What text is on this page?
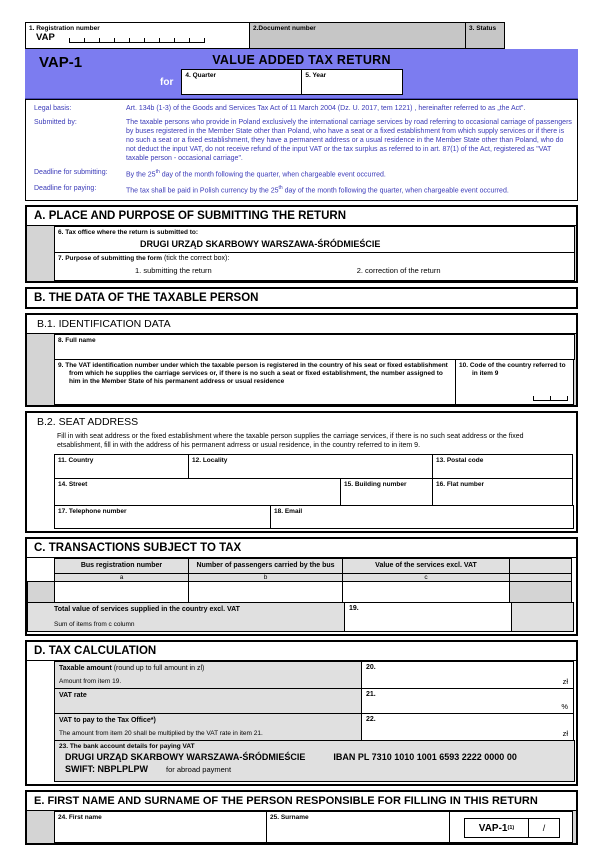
1. Registration number
VAP
2.Document number	3. Status
VAP-1	VALUE ADDED TAX RETURN
for
4. Quarter	5. Year
Legal basis:	Art. 134b (1-3) of the Goods and Services Tax Act of 11 March 2004 (Dz. U. 2017, tem 1221) , hereinafter referred to as „the Act”.
Submitted by:	The taxable persons who provide in Poland exclusively the international carriage services by road referring to occasional carriage of passengers by buses registered in the Member State other than Poland, who have a seat or a fixed establishment from which supply services or if there is no such a seat or a fixed establishment, they have a permanent address or a usual residence in the Member State other than Poland, who do not deduct the input VAT, do not receive refund of the input VAT or the tax surplus as referred to in art. 87(1) of the Act, registered as "VAT taxable person - occasional carriage".
Deadline for submitting:	By the 25th day of the month following the quarter, when chargeable event occurred.
Deadline for paying:	The tax shall be paid in Polish currency by the 25th day of the month following the quarter, when chargeable event occurred.
A. PLACE AND PURPOSE OF SUBMITTING THE RETURN
6. Tax office where the return is submitted to:
DRUGI URZĄD SKARBOWY WARSZAWA-ŚRÓDMIEŚCIE
7. Purpose of submitting the form (tick the correct box):
1. submitting the return	2. correction of the return
B. THE DATA OF THE TAXABLE PERSON
B.1. IDENTIFICATION DATA
8. Full name
9. The VAT identification number under which the taxable person is registered in the country of his seat or fixed establishment from which he supplies the carriage services or, if there is no such a seat or fixed establishment, the number assigned to him in the Member State of his permanent address or usual residence
10. Code of the country referred to in item 9
B.2. SEAT ADDRESS
Fill in with seat address or the fixed establishment where the taxable person supplies the carriage services, if there is no such seat address or the fixed etsablishment, fill in with the address of his permanent adrress or usual residence, in the country referred to in item 9.
11. Country	12. Locality	13. Postal code
14. Street	15. Building number	16. Flat number
17. Telephone number	18. Email
C. TRANSACTIONS SUBJECT TO TAX
Bus registration number	Number of passengers carried by the bus	Value of the services excl. VAT
a	b	c
Total value of services supplied in the country excl. VAT
Sum of items from c column
19.
D. TAX CALCULATION
Taxable amount (round up to full amount in zl)
Amount from item 19.
20.
zł
VAT rate	21.
%
VAT to pay to the Tax Office*)
The amount from item 20 shall be multiplied by the VAT rate in item 21.
22.
zł
23. The bank account details for paying VAT
DRUGI URZĄD SKARBOWY WARSZAWA-ŚRÓDMIEŚCIE	IBAN PL 7310 1010 1001 6593 2222 0000 00
SWIFT: NBPLPLPW for abroad payment
E. FIRST NAME AND SURNAME OF THE PERSON RESPONSIBLE FOR FILLING IN THIS RETURN
24. First name	25. Surname
VAP-1 (1)	/
